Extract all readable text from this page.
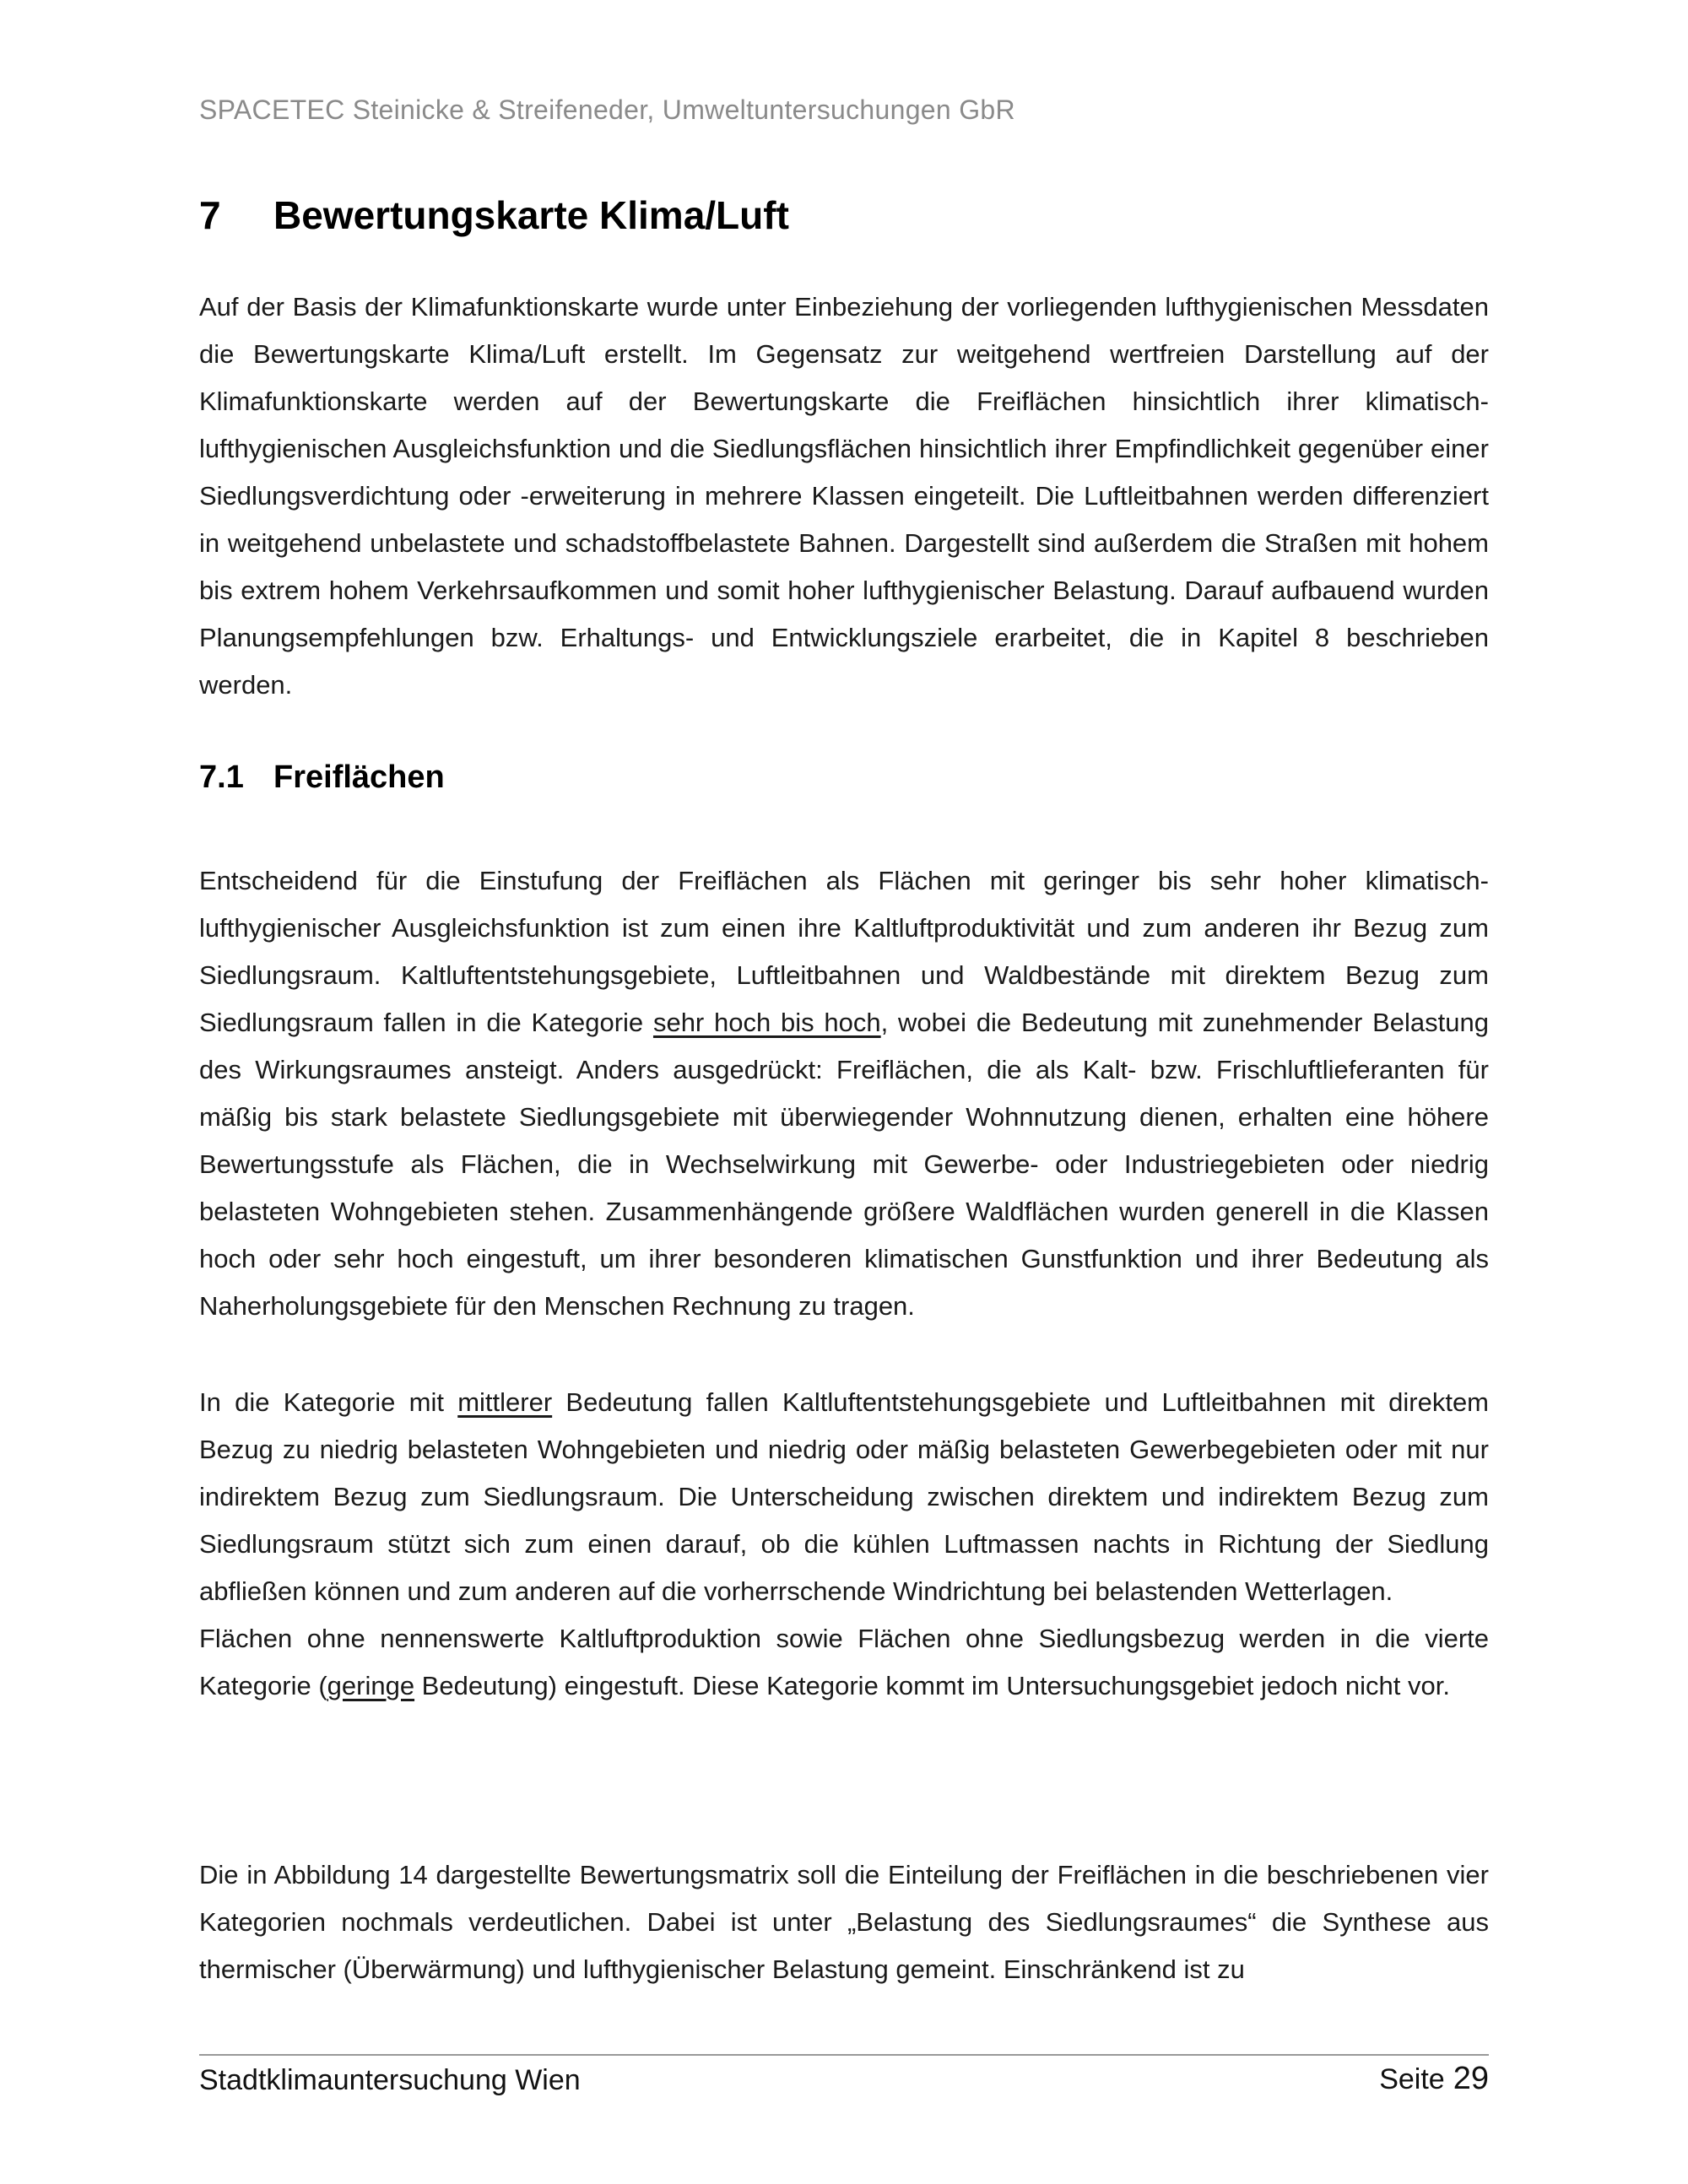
SPACETEC Steinicke & Streifeneder, Umweltuntersuchungen GbR
7	Bewertungskarte Klima/Luft

Auf der Basis der Klimafunktionskarte wurde unter Einbeziehung der vorliegenden lufthygienischen Messdaten die Bewertungskarte Klima/Luft erstellt. Im Gegensatz zur weitgehend wertfreien Darstellung auf der Klimafunktionskarte werden auf der Bewertungskarte die Freiflächen hinsichtlich ihrer klimatisch-lufthygienischen Ausgleichsfunktion und die Siedlungsflächen hinsichtlich ihrer Empfindlichkeit gegenüber einer Siedlungsverdichtung oder -erweiterung in mehrere Klassen eingeteilt. Die Luftleitbahnen werden differenziert in weitgehend unbelastete und schadstoffbelastete Bahnen. Dargestellt sind außerdem die Straßen mit hohem bis extrem hohem Verkehrsaufkommen und somit hoher lufthygienischer Belastung. Darauf aufbauend wurden Planungsempfehlungen bzw. Erhaltungs- und Entwicklungsziele erarbeitet, die in Kapitel 8 beschrieben werden.

7.1 Freiflächen

Entscheidend für die Einstufung der Freiflächen als Flächen mit geringer bis sehr hoher klimatisch-lufthygienischer Ausgleichsfunktion ist zum einen ihre Kaltluftproduktivität und zum anderen ihr Bezug zum Siedlungsraum. Kaltluftentstehungsgebiete, Luftleitbahnen und Waldbestände mit direktem Bezug zum Siedlungsraum fallen in die Kategorie sehr hoch bis hoch, wobei die Bedeutung mit zunehmender Belastung des Wirkungsraumes ansteigt. Anders ausgedrückt: Freiflächen, die als Kalt- bzw. Frischluftlieferanten für mäßig bis stark belastete Siedlungsgebiete mit überwiegender Wohnnutzung dienen, erhalten eine höhere Bewertungsstufe als Flächen, die in Wechselwirkung mit Gewerbe- oder Industriegebieten oder niedrig belasteten Wohngebieten stehen. Zusammenhängende größere Waldflächen wurden generell in die Klassen hoch oder sehr hoch eingestuft, um ihrer besonderen klimatischen Gunstfunktion und ihrer Bedeutung als Naherholungsgebiete für den Menschen Rechnung zu tragen.

In die Kategorie mit mittlerer Bedeutung fallen Kaltluftentstehungsgebiete und Luftleitbahnen mit direktem Bezug zu niedrig belasteten Wohngebieten und niedrig oder mäßig belasteten Gewerbegebieten oder mit nur indirektem Bezug zum Siedlungsraum. Die Unterscheidung zwischen direktem und indirektem Bezug zum Siedlungsraum stützt sich zum einen darauf, ob die kühlen Luftmassen nachts in Richtung der Siedlung abfließen können und zum anderen auf die vorherrschende Windrichtung bei belastenden Wetterlagen.

Flächen ohne nennenswerte Kaltluftproduktion sowie Flächen ohne Siedlungsbezug werden in die vierte Kategorie (geringe Bedeutung) eingestuft. Diese Kategorie kommt im Untersuchungsgebiet jedoch nicht vor.

Die in Abbildung 14 dargestellte Bewertungsmatrix soll die Einteilung der Freiflächen in die beschriebenen vier Kategorien nochmals verdeutlichen. Dabei ist unter „Belastung des Siedlungsraumes“ die Synthese aus thermischer (Überwärmung) und lufthygienischer Belastung gemeint. Einschränkend ist zu

Stadtklimauntersuchung Wien	Seite 29
